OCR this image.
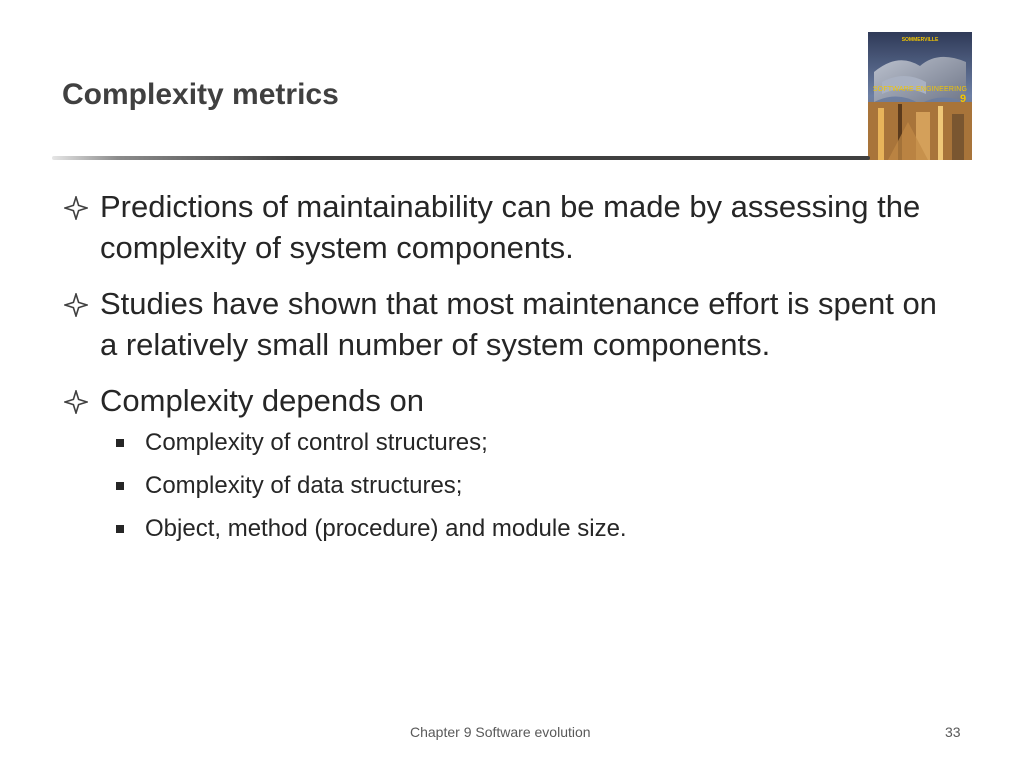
Complexity metrics
SOMMERVILLE
SOFTWARE ENGINEERING
9
Predictions of maintainability can be made by assessing the complexity of system components.
Studies have shown that most maintenance effort is spent on a relatively small number of system components.
Complexity depends on
Complexity of control structures;
Complexity of data structures;
Object, method (procedure) and module size.
Chapter 9 Software evolution	33
